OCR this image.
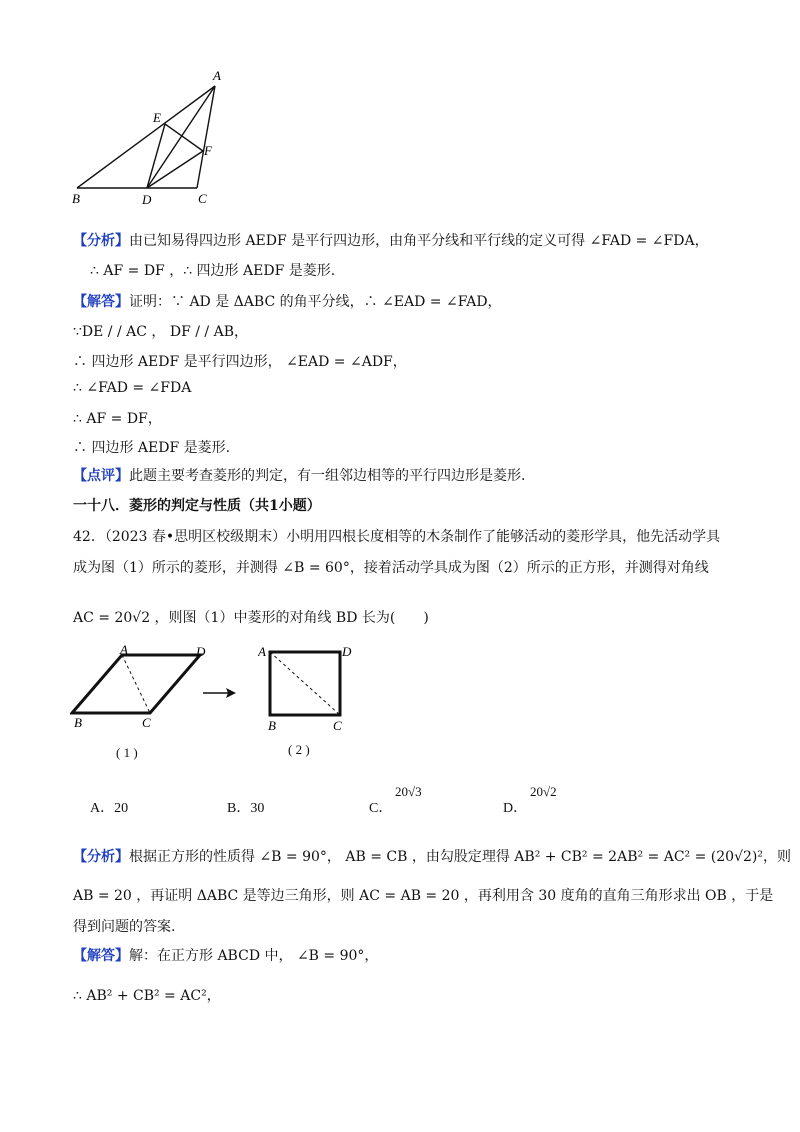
A
B	C
D
E
F
【分析】由已知易得四边形 AEDF 是平行四边形，由角平分线和平行线的定义可得 ∠FAD = ∠FDA，
∴ AF = DF ，∴ 四边形 AEDF 是菱形.
【解答】证明：∵ AD 是 ΔABC 的角平分线，∴ ∠EAD = ∠FAD，
∵DE / / AC ， DF / / AB，
∴ 四边形 AEDF 是平行四边形， ∠EAD = ∠ADF，
∴ ∠FAD = ∠FDA
∴ AF = DF，
∴ 四边形 AEDF 是菱形.
【点评】此题主要考查菱形的判定，有一组邻边相等的平行四边形是菱形.
一十八．菱形的判定与性质（共1小题）
42．（2023 春•思明区校级期末）小明用四根长度相等的木条制作了能够活动的菱形学具，他先活动学具
成为图（1）所示的菱形，并测得 ∠B = 60°，接着活动学具成为图（2）所示的正方形，并测得对角线
AC = 20√2 ，则图（1）中菱形的对角线 BD 长为(　　)
A	D
B	C
( 1 )
A	D
B	C
( 2 )
A．20	B．30	C．
20√3
D．
20√2
【分析】根据正方形的性质得 ∠B = 90°， AB = CB ，由勾股定理得 AB² + CB² = 2AB² = AC² = (20√2)²，则
AB = 20 ，再证明 ΔABC 是等边三角形，则 AC = AB = 20 ，再利用含 30 度角的直角三角形求出 OB ，于是
得到问题的答案.
【解答】解：在正方形 ABCD 中， ∠B = 90°，
∴ AB² + CB² = AC²，
